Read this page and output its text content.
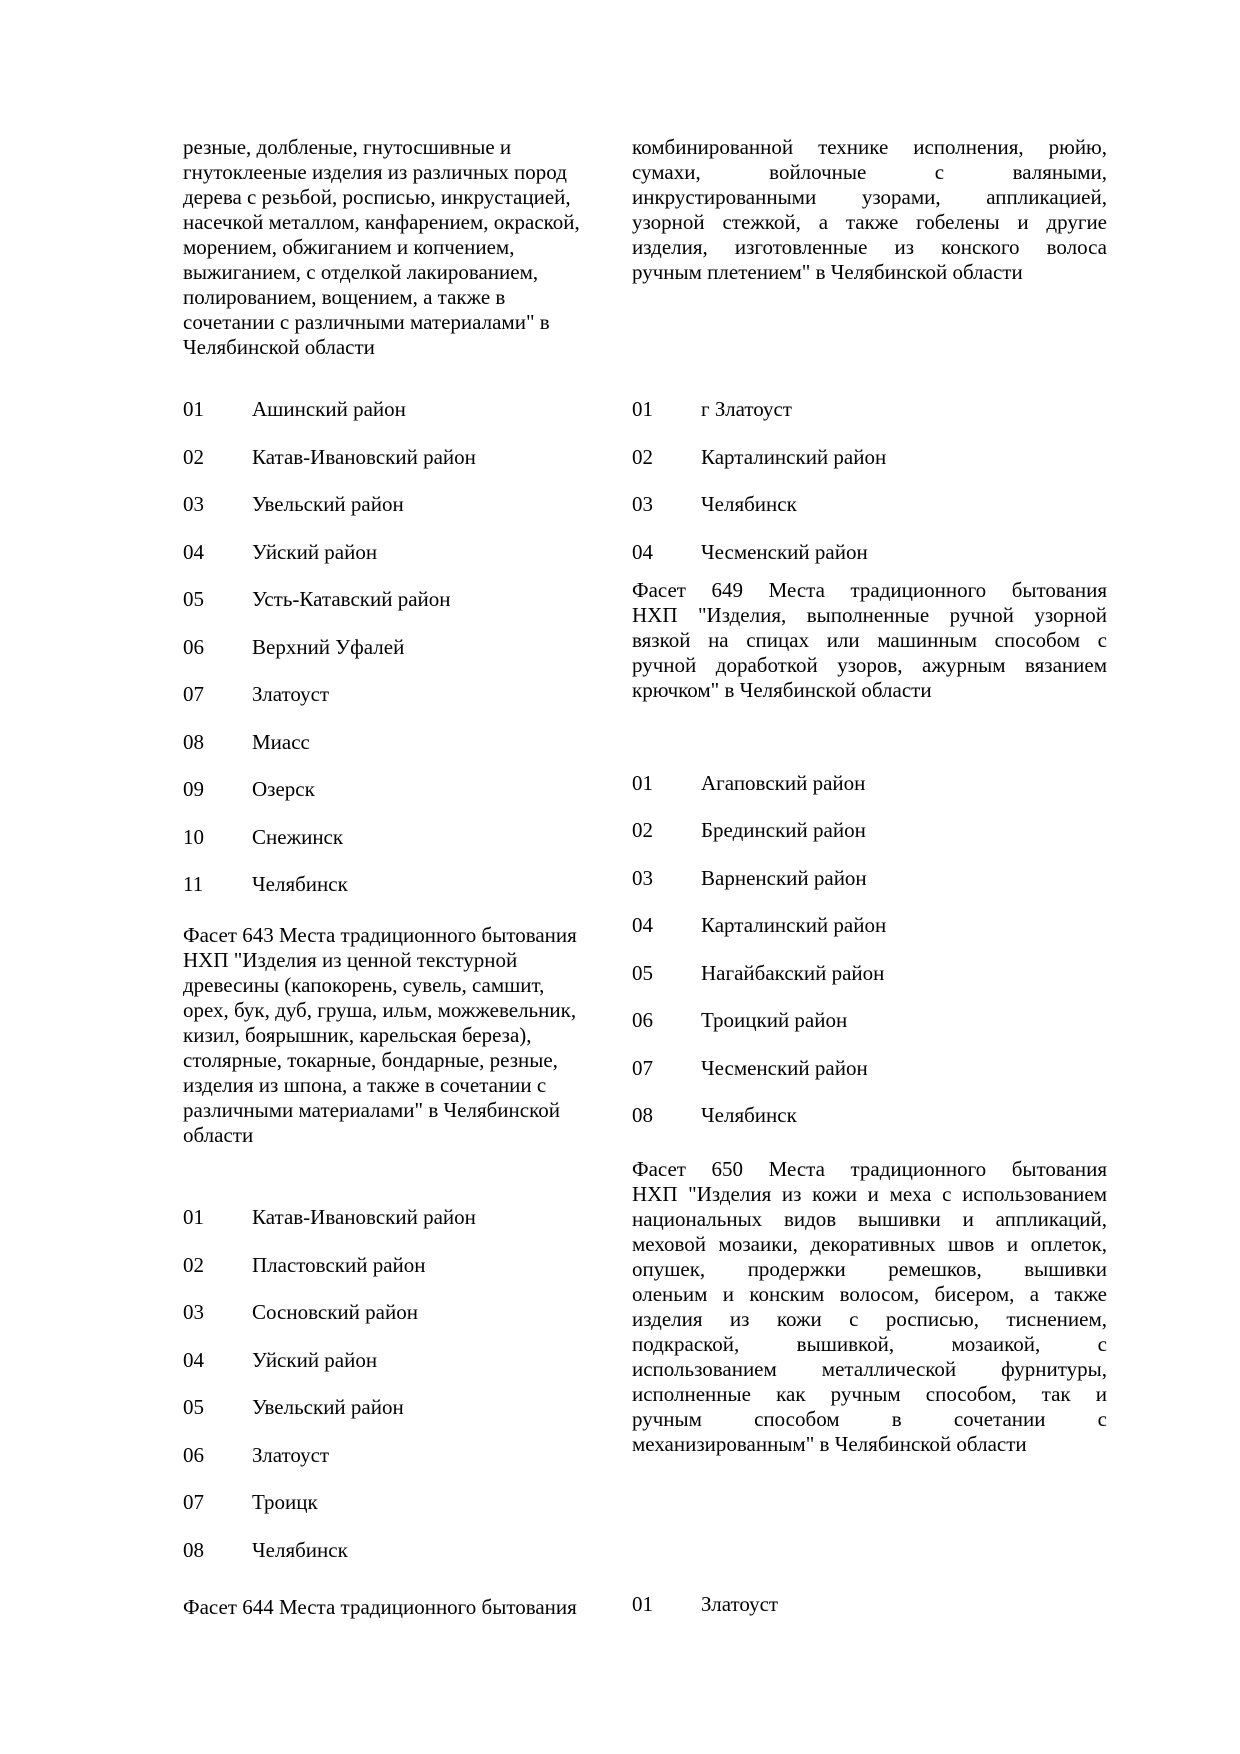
резные, долбленые, гнутосшивные и
гнутоклееные изделия из различных пород
дерева с резьбой, росписью, инкрустацией,
насечкой металлом, канфарением, окраской,
морением, обжиганием и копчением,
выжиганием, с отделкой лакированием,
полированием, вощением, а также в
сочетании с различными материалами" в
Челябинской области
01 Ашинский район
02 Катав-Ивановский район
03 Увельский район
04 Уйский район
05 Усть-Катавский район
06 Верхний Уфалей
07 Златоуст
08 Миасс
09 Озерск
10 Снежинск
11 Челябинск
Фасет 643 Места традиционного бытования
НХП "Изделия из ценной текстурной
древесины (капокорень, сувель, самшит,
орех, бук, дуб, груша, ильм, можжевельник,
кизил, боярышник, карельская береза),
столярные, токарные, бондарные, резные,
изделия из шпона, а также в сочетании с
различными материалами" в Челябинской
области
01 Катав-Ивановский район
02 Пластовский район
03 Сосновский район
04 Уйский район
05 Увельский район
06 Златоуст
07 Троицк
08 Челябинск
Фасет 644 Места традиционного бытования
комбинированной технике исполнения, рюйю,
сумахи, войлочные с валяными,
инкрустированными узорами, аппликацией,
узорной стежкой, а также гобелены и другие
изделия, изготовленные из конского волоса
ручным плетением" в Челябинской области
01 г Златоуст
02 Карталинский район
03 Челябинск
04 Чесменский район
Фасет 649 Места традиционного бытования
НХП "Изделия, выполненные ручной узорной
вязкой на спицах или машинным способом с
ручной доработкой узоров, ажурным вязанием
крючком" в Челябинской области
01 Агаповский район
02 Брединский район
03 Варненский район
04 Карталинский район
05 Нагайбакский район
06 Троицкий район
07 Чесменский район
08 Челябинск
Фасет 650 Места традиционного бытования
НХП "Изделия из кожи и меха с использованием
национальных видов вышивки и аппликаций,
меховой мозаики, декоративных швов и оплеток,
опушек, продержки ремешков, вышивки
оленьим и конским волосом, бисером, а также
изделия из кожи с росписью, тиснением,
подкраской, вышивкой, мозаикой, с
использованием металлической фурнитуры,
исполненные как ручным способом, так и
ручным способом в сочетании с
механизированным" в Челябинской области
01 Златоуст
